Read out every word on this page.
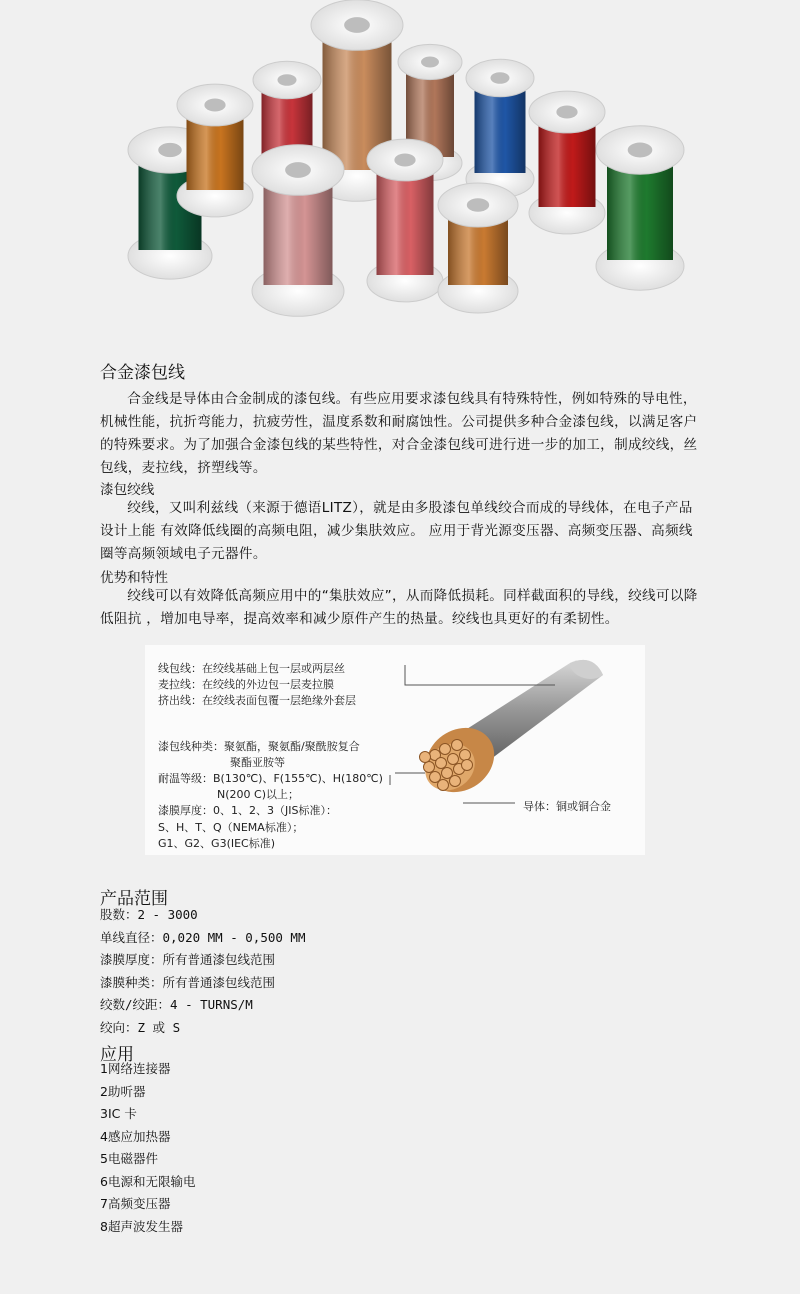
合金漆包线

合金线是导体由合金制成的漆包线。有些应用要求漆包线具有特殊特性，例如特殊的导电性，机械性能，抗折弯能力，抗疲劳性，温度系数和耐腐蚀性。公司提供多种合金漆包线，以满足客户的特殊要求。为了加强合金漆包线的某些特性，对合金漆包线可进行进一步的加工，制成绞线，丝包线，麦拉线，挤塑线等。

漆包绞线

绞线，又叫利兹线（来源于德语LITZ），就是由多股漆包单线绞合而成的导线体，在电子产品设计上能 有效降低线圈的高频电阻，减少集肤效应。 应用于背光源变压器、高频变压器、高频线圈等高频领域电子元器件。

优势和特性

绞线可以有效降低高频应用中的“集肤效应”，从而降低损耗。同样截面积的导线，绞线可以降低阻抗 ，增加电导率，提高效率和减少原件产生的热量。绞线也具更好的有柔韧性。

线包线：在绞线基础上包一层或两层丝
麦拉线：在绞线的外边包一层麦拉膜
挤出线：在绞线表面包覆一层绝缘外套层
漆包线种类：聚氨酯，聚氨酯/聚酰胺复合
聚酯亚胺等
耐温等级：B(130℃)、F(155℃)、H(180℃)
N(200 C)以上；
漆膜厚度：0、1、2、3（JIS标准）：
S、H、T、Q（NEMA标准）；
G1、G2、G3(IEC标准)
导体：铜或铜合金
产品范围
股数：2 - 3000
单线直径：0,020 MM - 0,500 MM
漆膜厚度：所有普通漆包线范围
漆膜种类：所有普通漆包线范围
绞数/绞距：4 - TURNS/M
绞向：Z 或 S
应用
1网络连接器
2助听器
3IC 卡
4感应加热器
5电磁器件
6电源和无限输电
7高频变压器
8超声波发生器
